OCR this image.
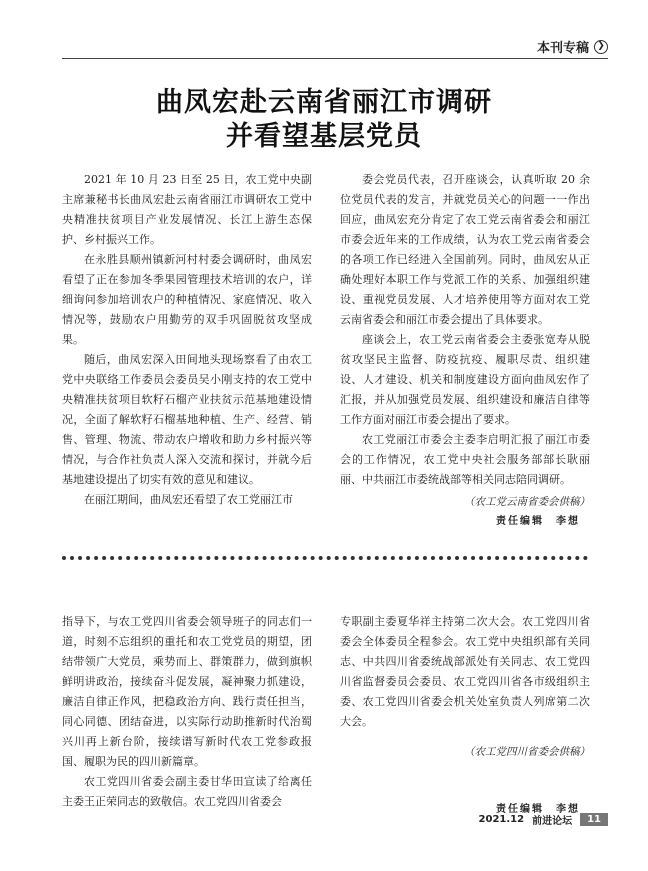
本刊专稿 ❯
曲凤宏赴云南省丽江市调研
并看望基层党员

2021 年 10 月 23 日至 25 日，农工党中央副主席兼秘书长曲凤宏赴云南省丽江市调研农工党中央精准扶贫项目产业发展情况、长江上游生态保护、乡村振兴工作。

在永胜县顺州镇新河村村委会调研时，曲凤宏看望了正在参加冬季果园管理技术培训的农户，详细询问参加培训农户的种植情况、家庭情况、收入情况等，鼓励农户用勤劳的双手巩固脱贫攻坚成果。

随后，曲凤宏深入田间地头现场察看了由农工党中央联络工作委员会委员吴小刚支持的农工党中央精准扶贫项目软籽石榴产业扶贫示范基地建设情况，全面了解软籽石榴基地种植、生产、经营、销售、管理、物流、带动农户增收和助力乡村振兴等情况，与合作社负责人深入交流和探讨，并就今后基地建设提出了切实有效的意见和建议。

在丽江期间，曲凤宏还看望了农工党丽江市

委会党员代表，召开座谈会，认真听取 20 余位党员代表的发言，并就党员关心的问题一一作出回应，曲凤宏充分肯定了农工党云南省委会和丽江市委会近年来的工作成绩，认为农工党云南省委会的各项工作已经进入全国前列。同时，曲凤宏从正确处理好本职工作与党派工作的关系、加强组织建设、重视党员发展、人才培养使用等方面对农工党云南省委会和丽江市委会提出了具体要求。

座谈会上，农工党云南省委会主委张宽寿从脱贫攻坚民主监督、防疫抗疫、履职尽责、组织建设、人才建设、机关和制度建设方面向曲凤宏作了汇报，并从加强党员发展、组织建设和廉洁自律等工作方面对丽江市委会提出了要求。

农工党丽江市委会主委李启明汇报了丽江市委会的工作情况，农工党中央社会服务部部长耿丽丽、中共丽江市委统战部等相关同志陪同调研。

（农工党云南省委会供稿）
责任编辑　李想

指导下，与农工党四川省委会领导班子的同志们一道，时刻不忘组织的重托和农工党党员的期望，团结带领广大党员，乘势而上、群策群力，做到旗帜鲜明讲政治，接续奋斗促发展，凝神聚力抓建设，廉洁自律正作风，把稳政治方向、践行责任担当，同心同德、团结奋进，以实际行动助推新时代治蜀兴川再上新台阶，接续谱写新时代农工党参政报国、履职为民的四川新篇章。

农工党四川省委会副主委甘华田宣读了给离任主委王正荣同志的致敬信。农工党四川省委会

专职副主委夏华祥主持第二次大会。农工党四川省委会全体委员全程参会。农工党中央组织部有关同志、中共四川省委统战部派处有关同志、农工党四川省监督委员会委员、农工党四川省各市级组织主委、农工党四川省委会机关处室负责人列席第二次大会。

（农工党四川省委会供稿）
责任编辑　李想
2021.12 前进论坛	11
